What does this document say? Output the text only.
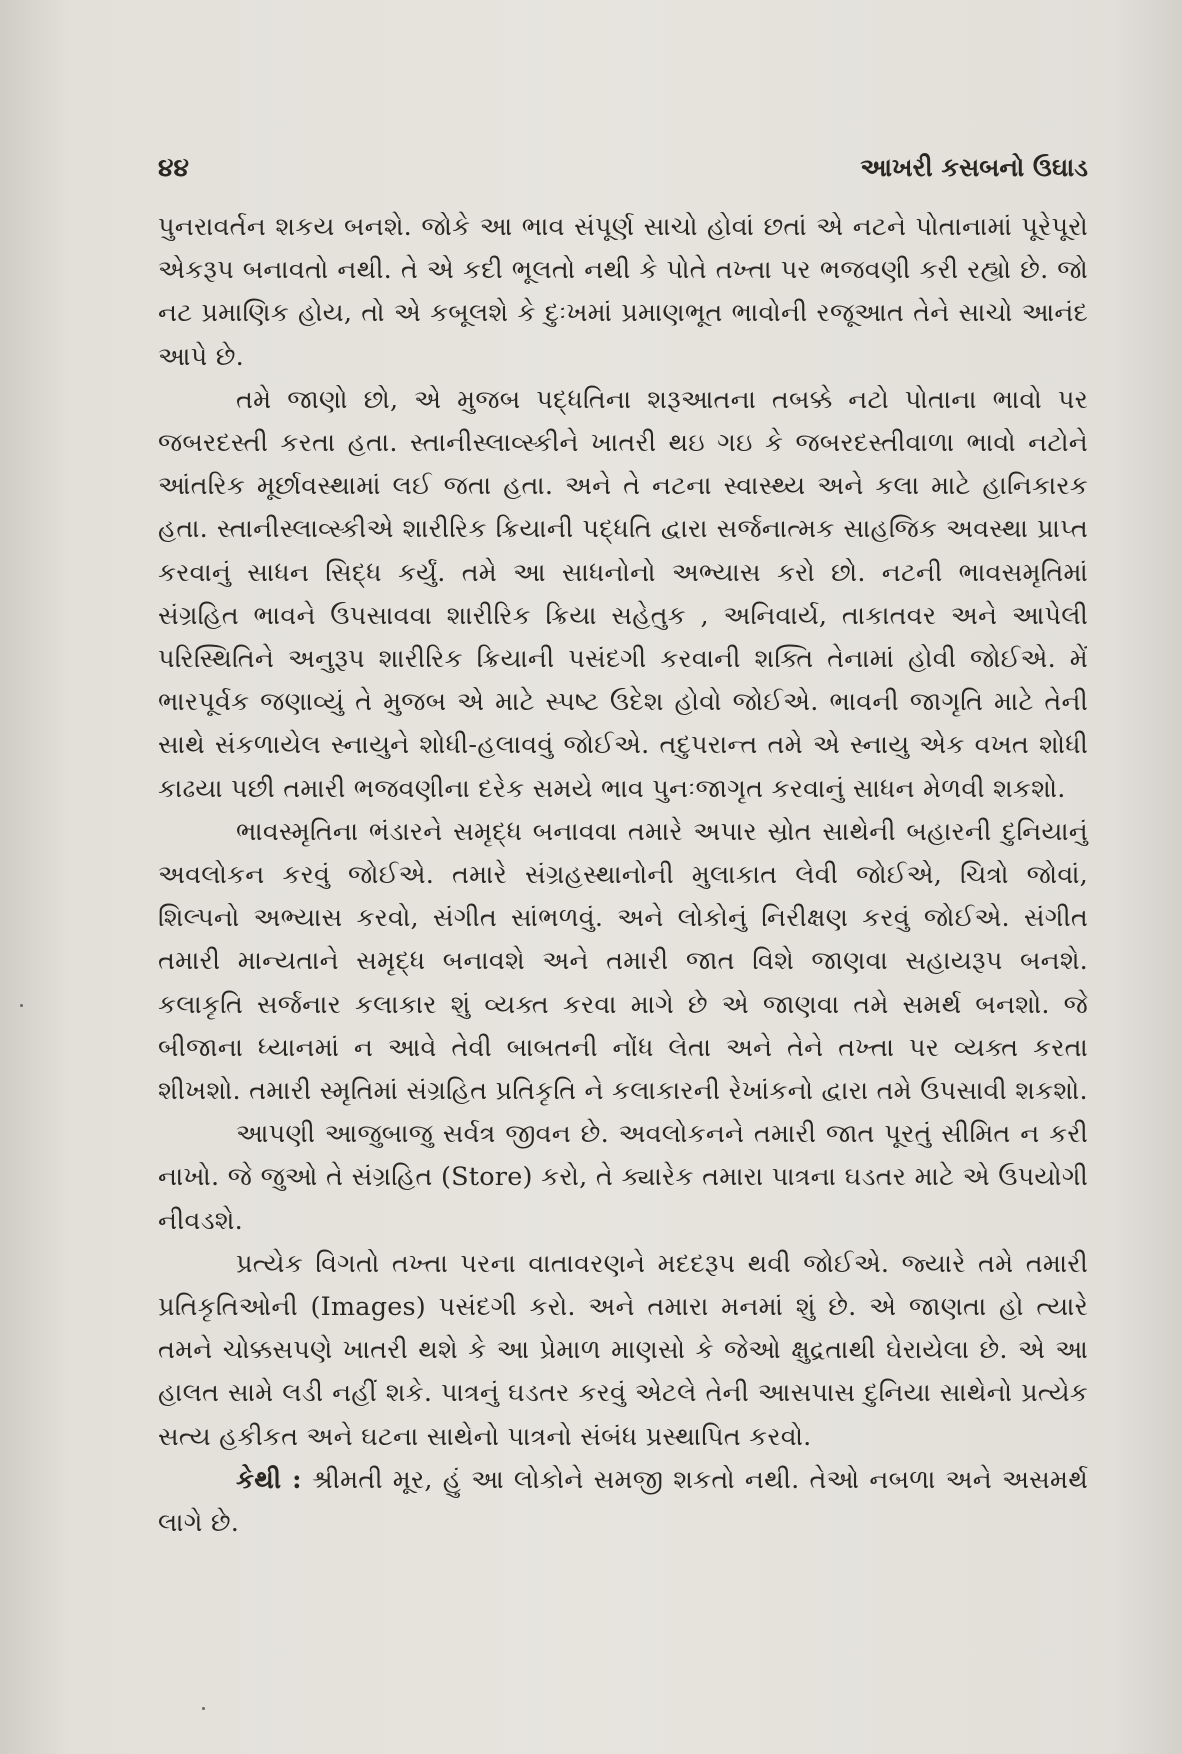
૪૪	આખરી કસબનો ઉઘાડ

પુનરાવર્તન શકય બનશે. જોકે આ ભાવ સંપૂર્ણ સાચો હોવાં છતાં એ નટને પોતાનામાં પૂરેપૂરો એકરૂપ બનાવતો નથી. તે એ કદી ભૂલતો નથી કે પોતે તખ્તા પર ભજવણી કરી રહ્યો છે. જો નટ પ્રમાણિક હોય, તો એ કબૂલશે કે દુઃખમાં પ્રમાણભૂત ભાવોની રજૂઆત તેને સાચો આનંદ આપે છે.

તમે જાણો છો, એ મુજબ પદ્ધતિના શરૂઆતના તબક્કે નટો પોતાના ભાવો પર જબરદસ્તી કરતા હતા. સ્તાનીસ્લાવ્સ્કીને ખાતરી થઇ ગઇ કે જબરદસ્તીવાળા ભાવો નટોને આંતરિક મૂર્છાવસ્થામાં લઈ જતા હતા. અને તે નટના સ્વાસ્થ્ય અને કલા માટે હાનિકારક હતા. સ્તાનીસ્લાવ્સ્કીએ શારીરિક ક્રિયાની પદ્ધતિ દ્વારા સર્જનાત્મક સાહજિક અવસ્થા પ્રાપ્ત કરવાનું સાધન સિદ્ધ કર્યું. તમે આ સાધનોનો અભ્યાસ કરો છો. નટની ભાવસમૃતિમાં સંગ્રહિત ભાવને ઉપસાવવા શારીરિક ક્રિયા સહેતુક , અનિવાર્ય, તાકાતવર અને આપેલી પરિસ્થિતિને અનુરૂપ શારીરિક ક્રિયાની પસંદગી કરવાની શક્તિ તેનામાં હોવી જોઈએ. મેં ભારપૂર્વક જણાવ્યું તે મુજબ એ માટે સ્પષ્ટ ઉદેશ હોવો જોઈએ. ભાવની જાગૃતિ માટે તેની સાથે સંકળાયેલ સ્નાયુને શોધી-હલાવવું જોઈએ. તદુપરાન્ત તમે એ સ્નાયુ એક વખત શોધી કાઢયા પછી તમારી ભજવણીના દરેક સમયે ભાવ પુનઃજાગૃત કરવાનું સાધન મેળવી શકશો.

ભાવસ્મૃતિના ભંડારને સમૃદ્ધ બનાવવા તમારે અપાર સ્રોત સાથેની બહારની દુનિયાનું અવલોકન કરવું જોઈએ. તમારે સંગ્રહસ્થાનોની મુલાકાત લેવી જોઈએ, ચિત્રો જોવાં, શિલ્પનો અભ્યાસ કરવો, સંગીત સાંભળવું. અને લોકોનું નિરીક્ષણ કરવું જોઈએ. સંગીત તમારી માન્યતાને સમૃદ્ધ બનાવશે અને તમારી જાત વિશે જાણવા સહાયરૂપ બનશે. કલાકૃતિ સર્જનાર કલાકાર શું વ્યક્ત કરવા માગે છે એ જાણવા તમે સમર્થ બનશો. જે બીજાના ધ્યાનમાં ન આવે તેવી બાબતની નોંધ લેતા અને તેને તખ્તા પર વ્યક્ત કરતા શીખશો. તમારી સ્મૃતિમાં સંગ્રહિત પ્રતિકૃતિ ને કલાકારની રેખાંકનો દ્વારા તમે ઉપસાવી શકશો.

આપણી આજુબાજુ સર્વત્ર જીવન છે. અવલોકનને તમારી જાત પૂરતું સીમિત ન કરી નાખો. જે જુઓ તે સંગ્રહિત (Store) કરો, તે ક્યારેક તમારા પાત્રના ઘડતર માટે એ ઉપયોગી નીવડશે.

પ્રત્યેક વિગતો તખ્તા પરના વાતાવરણને મદદરૂપ થવી જોઈએ. જ્યારે તમે તમારી પ્રતિકૃતિઓની (Images) પસંદગી કરો. અને તમારા મનમાં શું છે. એ જાણતા હો ત્યારે તમને ચોક્કસપણે ખાતરી થશે કે આ પ્રેમાળ માણસો કે જેઓ ક્ષુદ્રતાથી ઘેરાયેલા છે. એ આ હાલત સામે લડી નહીં શકે. પાત્રનું ઘડતર કરવું એટલે તેની આસપાસ દુનિયા સાથેનો પ્રત્યેક સત્ય હકીકત અને ઘટના સાથેનો પાત્રનો સંબંધ પ્રસ્થાપિત કરવો.

કેથી : શ્રીમતી મૂર, હું આ લોકોને સમજી શકતો નથી. તેઓ નબળા અને અસમર્થ લાગે છે.
